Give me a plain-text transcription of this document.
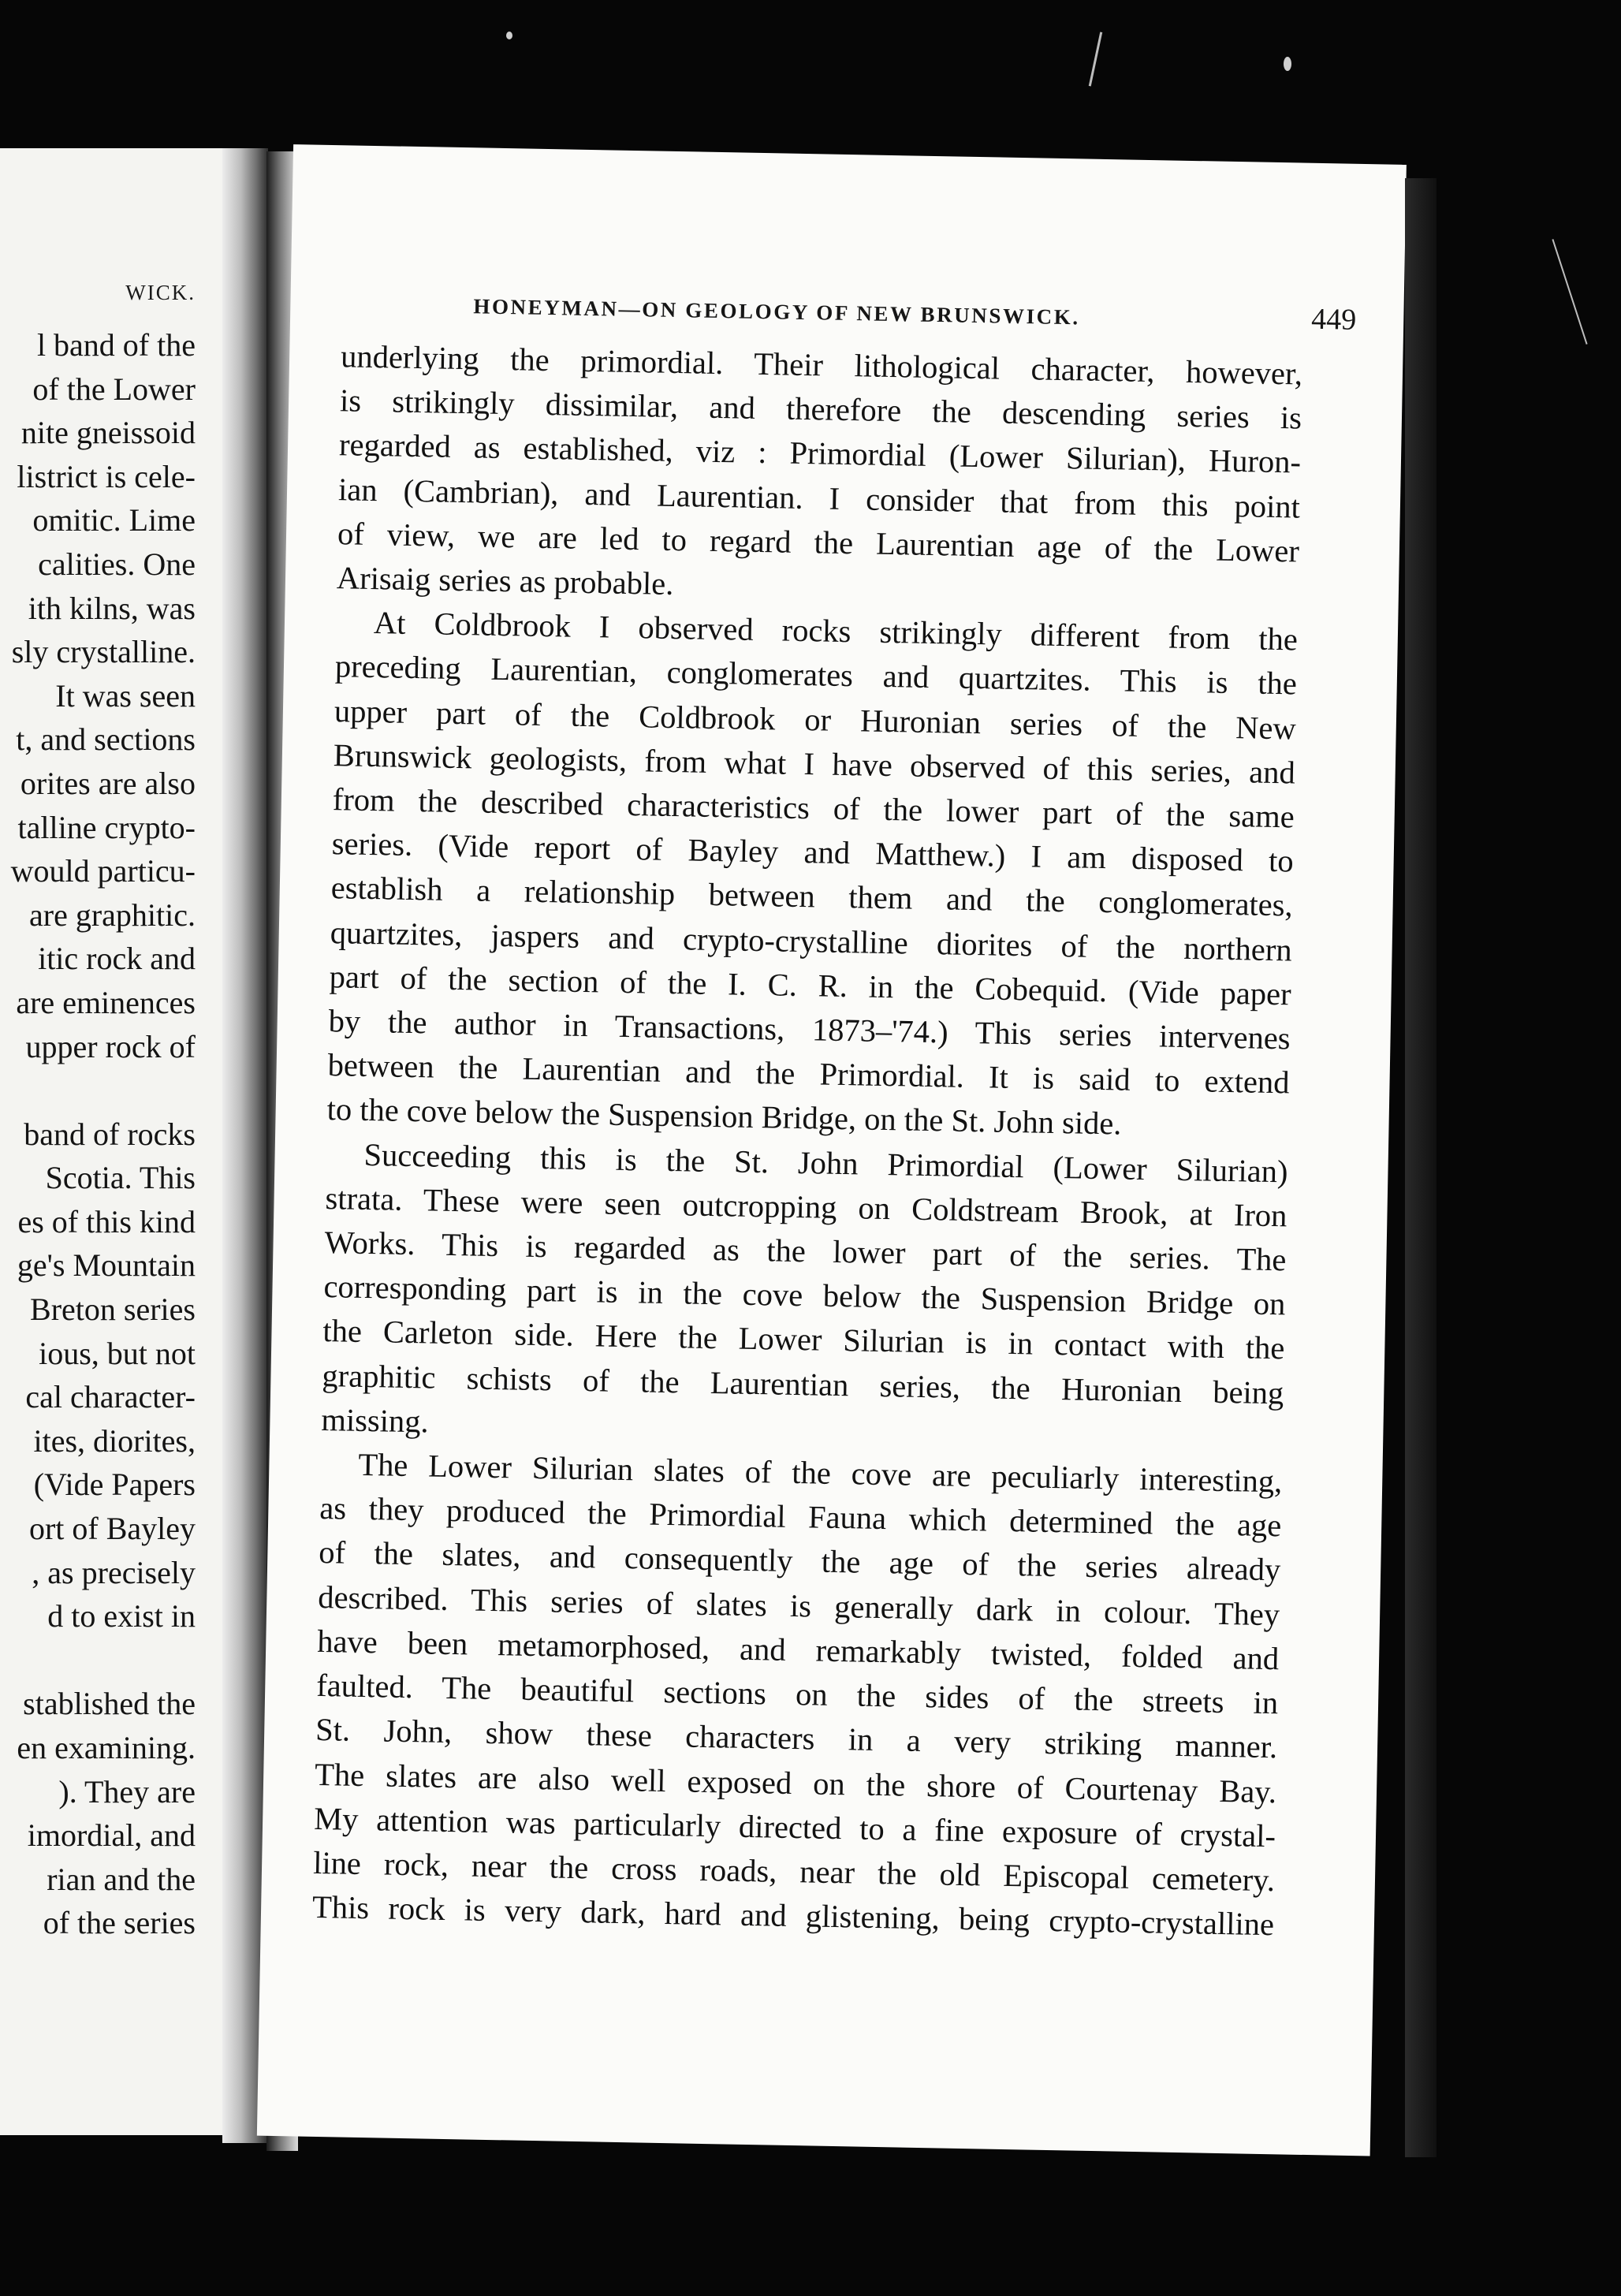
WICK.
l band of the
of the Lower
nite gneissoid
listrict is cele-
omitic. Lime
calities. One
ith kilns, was
sly crystalline.
It was seen
t, and sections
orites are also
talline crypto-
would particu-
are graphitic.
itic rock and
are eminences
upper rock of

band of rocks
Scotia. This
es of this kind
ge's Mountain
Breton series
ious, but not
cal character-
ites, diorites,
(Vide Papers
ort of Bayley
, as precisely
d to exist in

stablished the
en examining.
). They are
imordial, and
rian and the
of the series
HONEYMAN—ON GEOLOGY OF NEW BRUNSWICK.	449
underlying the primordial. Their lithological character, however,
is strikingly dissimilar, and therefore the descending series is
regarded as established, viz : Primordial (Lower Silurian), Huron-
ian (Cambrian), and Laurentian. I consider that from this point
of view, we are led to regard the Laurentian age of the Lower
Arisaig series as probable.
At Coldbrook I observed rocks strikingly different from the
preceding Laurentian, conglomerates and quartzites. This is the
upper part of the Coldbrook or Huronian series of the New
Brunswick geologists, from what I have observed of this series, and
from the described characteristics of the lower part of the same
series. (Vide report of Bayley and Matthew.) I am disposed to
establish a relationship between them and the conglomerates,
quartzites, jaspers and crypto-crystalline diorites of the northern
part of the section of the I. C. R. in the Cobequid. (Vide paper
by the author in Transactions, 1873–'74.) This series intervenes
between the Laurentian and the Primordial. It is said to extend
to the cove below the Suspension Bridge, on the St. John side.
Succeeding this is the St. John Primordial (Lower Silurian)
strata. These were seen outcropping on Coldstream Brook, at Iron
Works. This is regarded as the lower part of the series. The
corresponding part is in the cove below the Suspension Bridge on
the Carleton side. Here the Lower Silurian is in contact with the
graphitic schists of the Laurentian series, the Huronian being
missing.
The Lower Silurian slates of the cove are peculiarly interesting,
as they produced the Primordial Fauna which determined the age
of the slates, and consequently the age of the series already
described. This series of slates is generally dark in colour. They
have been metamorphosed, and remarkably twisted, folded and
faulted. The beautiful sections on the sides of the streets in
St. John, show these characters in a very striking manner.
The slates are also well exposed on the shore of Courtenay Bay.
My attention was particularly directed to a fine exposure of crystal-
line rock, near the cross roads, near the old Episcopal cemetery.
This rock is very dark, hard and glistening, being crypto-crystalline
